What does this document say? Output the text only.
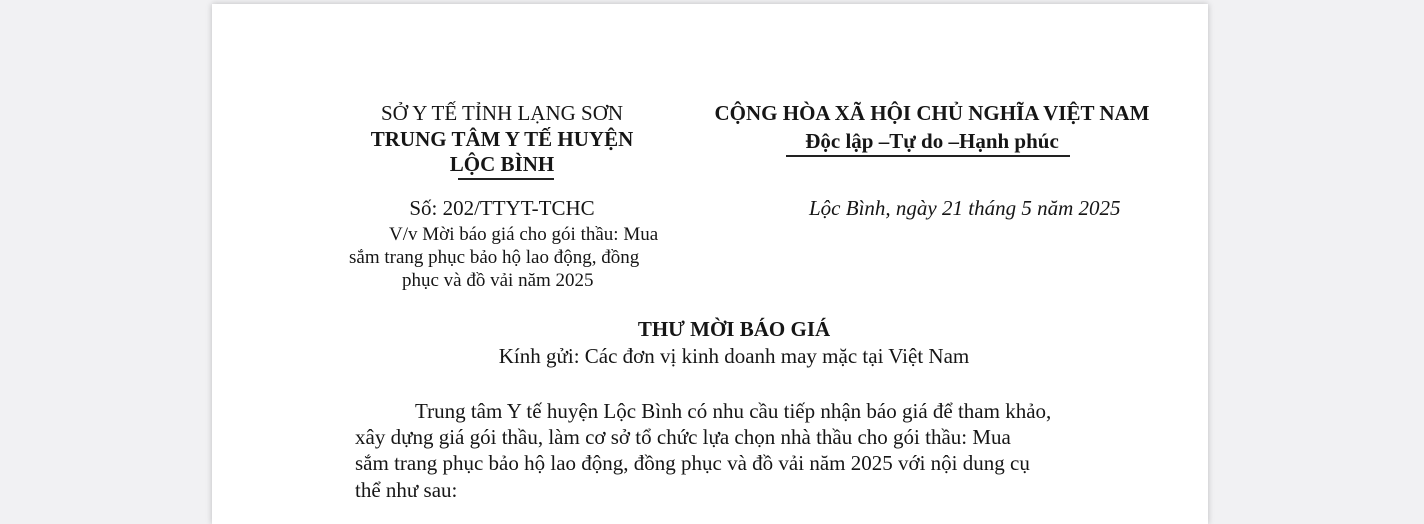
SỞ Y TẾ TỈNH LẠNG SƠN
TRUNG TÂM Y TẾ HUYỆN
LỘC BÌNH
Số: 202/TTYT-TCHC
V/v Mời báo giá cho gói thầu: Mua
sắm trang phục bảo hộ lao động, đồng
phục và đồ vải năm 2025
CỘNG HÒA XÃ HỘI CHỦ NGHĨA VIỆT NAM
Độc lập –Tự do –Hạnh phúc
Lộc Bình, ngày 21 tháng 5 năm 2025
THƯ MỜI BÁO GIÁ
Kính gửi: Các đơn vị kinh doanh may mặc tại Việt Nam
Trung tâm Y tế huyện Lộc Bình có nhu cầu tiếp nhận báo giá để tham khảo,
xây dựng giá gói thầu, làm cơ sở tổ chức lựa chọn nhà thầu cho gói thầu: Mua
sắm trang phục bảo hộ lao động, đồng phục và đồ vải năm 2025 với nội dung cụ
thể như sau:
